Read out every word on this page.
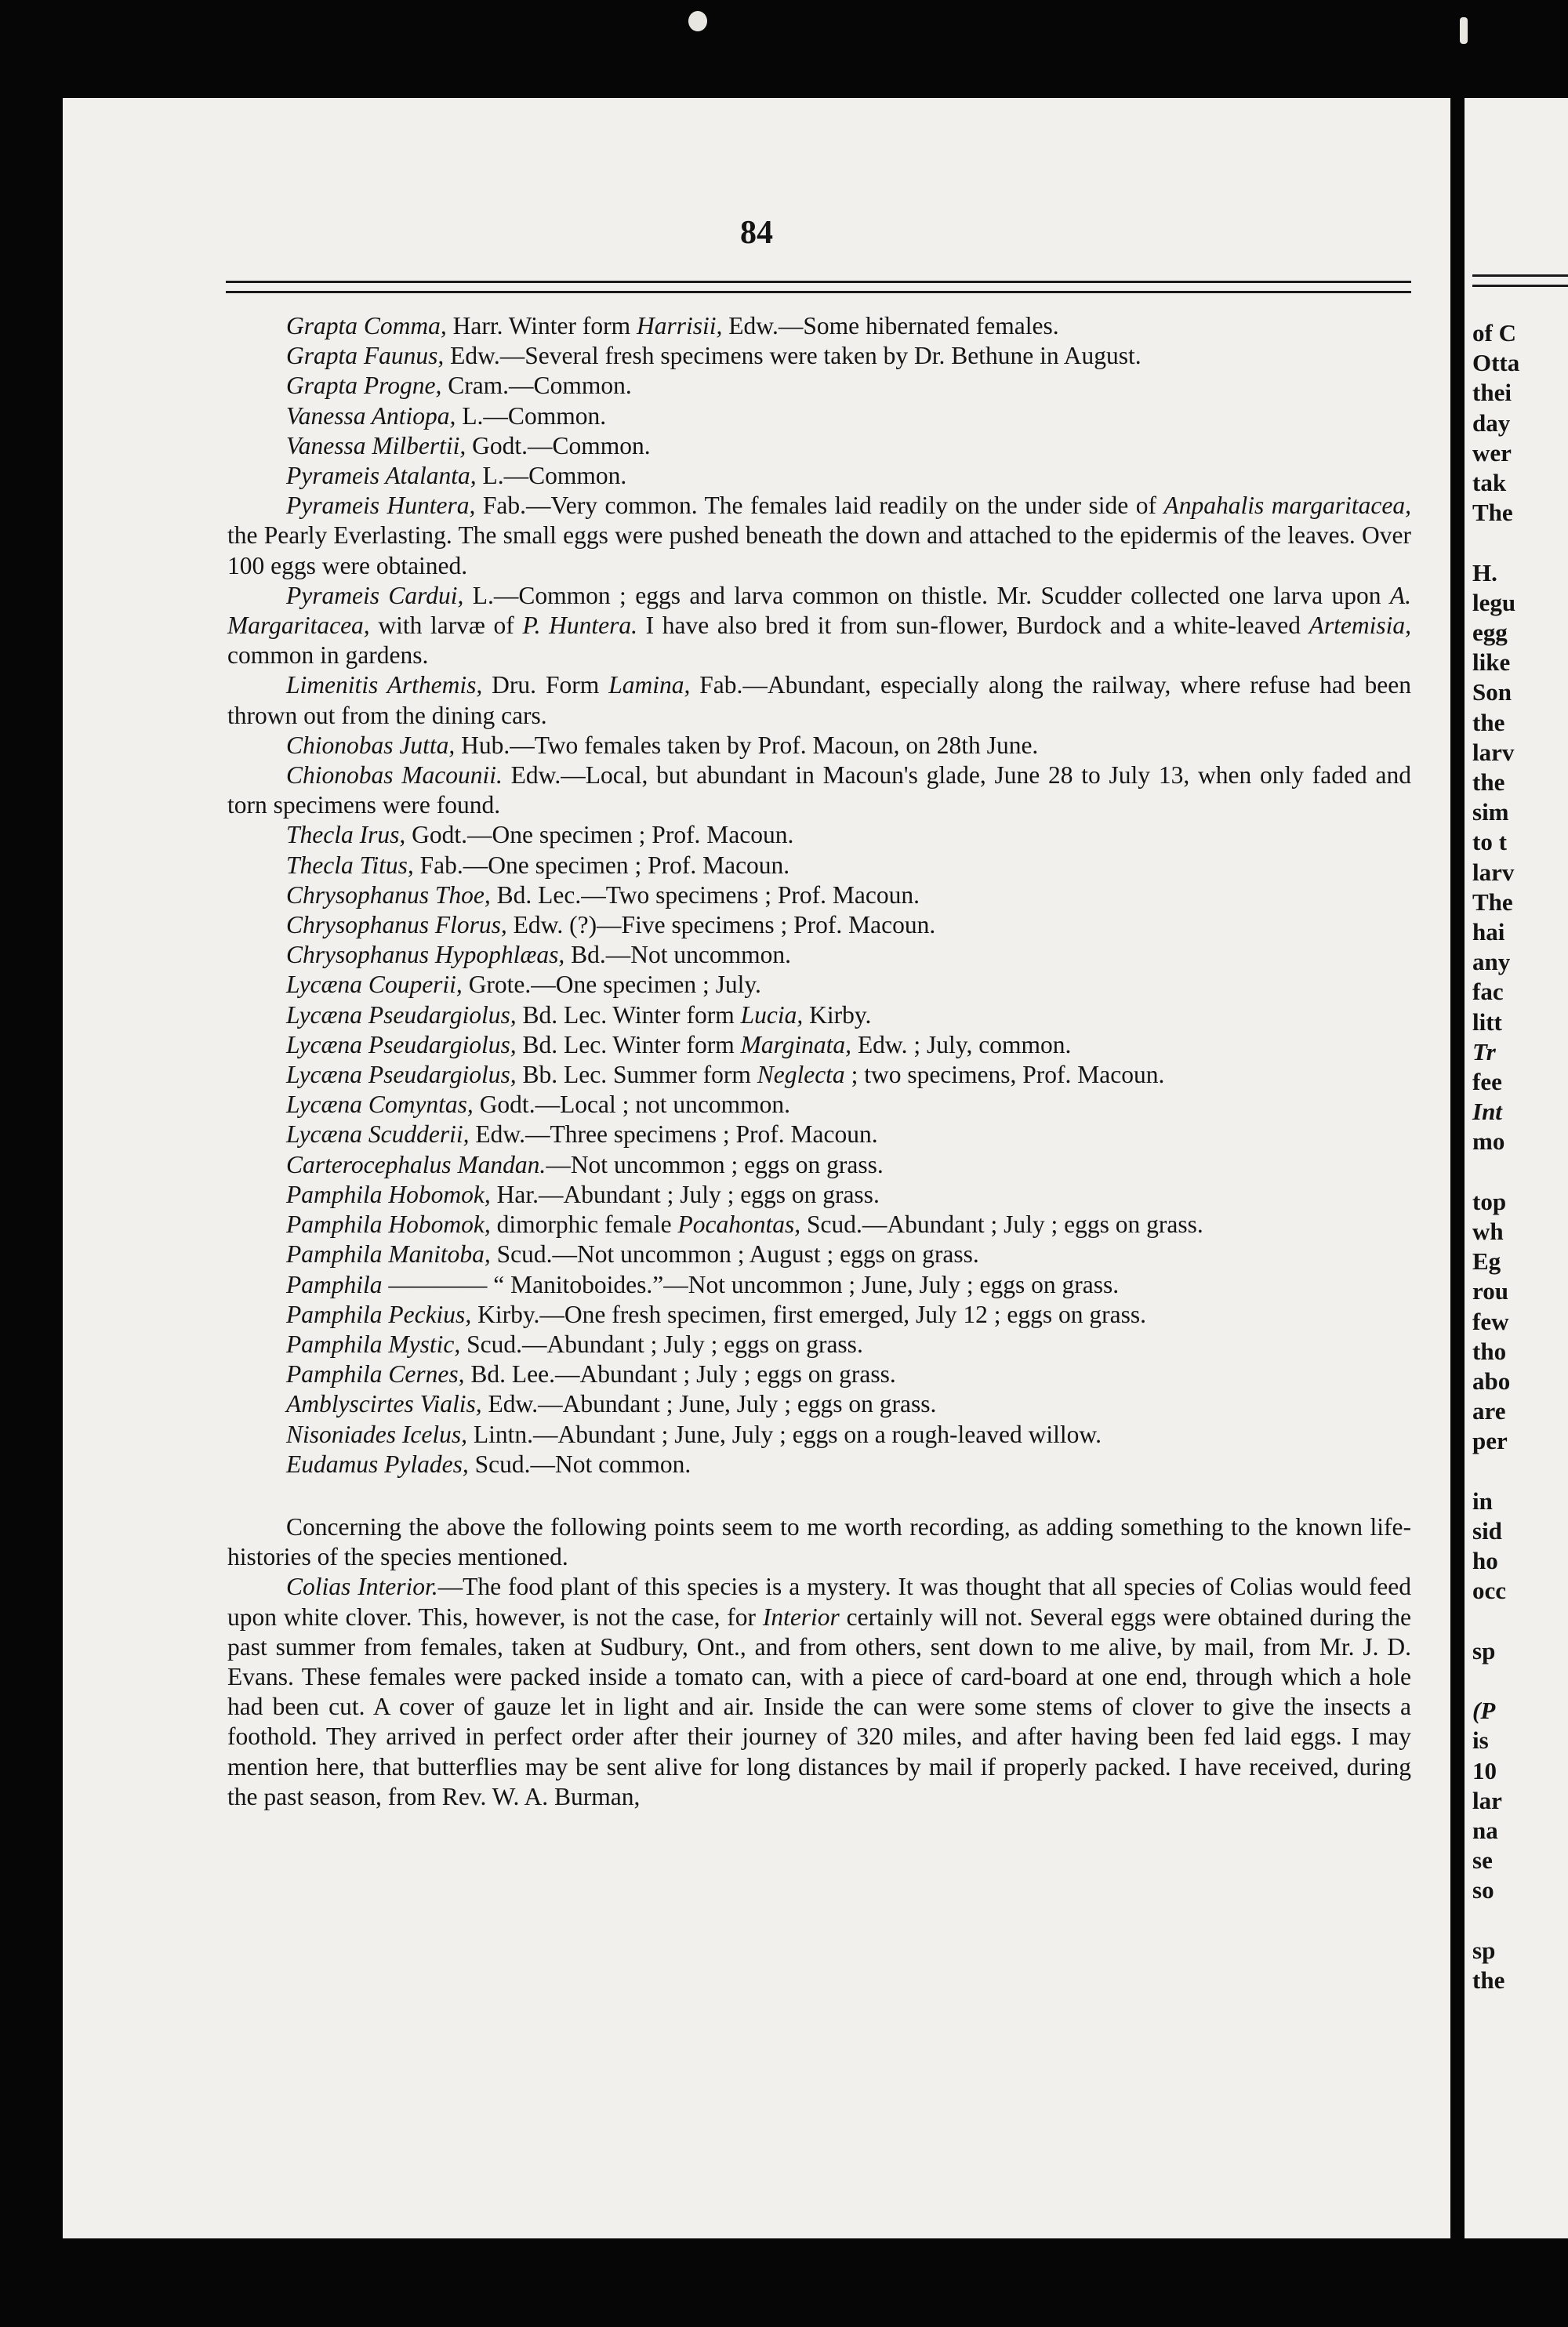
84

Grapta Comma, Harr. Winter form Harrisii, Edw.—Some hibernated females.

Grapta Faunus, Edw.—Several fresh specimens were taken by Dr. Bethune in August.

Grapta Progne, Cram.—Common.

Vanessa Antiopa, L.—Common.

Vanessa Milbertii, Godt.—Common.

Pyrameis Atalanta, L.—Common.

Pyrameis Huntera, Fab.—Very common. The females laid readily on the under side of Anpahalis margaritacea, the Pearly Everlasting. The small eggs were pushed beneath the down and attached to the epidermis of the leaves. Over 100 eggs were obtained.

Pyrameis Cardui, L.—Common ; eggs and larva common on thistle. Mr. Scudder collected one larva upon A. Margaritacea, with larvæ of P. Huntera. I have also bred it from sun-flower, Burdock and a white-leaved Artemisia, common in gardens.

Limenitis Arthemis, Dru. Form Lamina, Fab.—Abundant, especially along the railway, where refuse had been thrown out from the dining cars.

Chionobas Jutta, Hub.—Two females taken by Prof. Macoun, on 28th June.

Chionobas Macounii. Edw.—Local, but abundant in Macoun's glade, June 28 to July 13, when only faded and torn specimens were found.

Thecla Irus, Godt.—One specimen ; Prof. Macoun.

Thecla Titus, Fab.—One specimen ; Prof. Macoun.

Chrysophanus Thoe, Bd. Lec.—Two specimens ; Prof. Macoun.

Chrysophanus Florus, Edw. (?)—Five specimens ; Prof. Macoun.

Chrysophanus Hypophlæas, Bd.—Not uncommon.

Lycæna Couperii, Grote.—One specimen ; July.

Lycæna Pseudargiolus, Bd. Lec. Winter form Lucia, Kirby.

Lycæna Pseudargiolus, Bd. Lec. Winter form Marginata, Edw. ; July, common.

Lycæna Pseudargiolus, Bb. Lec. Summer form Neglecta ; two specimens, Prof. Macoun.

Lycæna Comyntas, Godt.—Local ; not uncommon.

Lycæna Scudderii, Edw.—Three specimens ; Prof. Macoun.

Carterocephalus Mandan.—Not uncommon ; eggs on grass.

Pamphila Hobomok, Har.—Abundant ; July ; eggs on grass.

Pamphila Hobomok, dimorphic female Pocahontas, Scud.—Abundant ; July ; eggs on grass.

Pamphila Manitoba, Scud.—Not uncommon ; August ; eggs on grass.

Pamphila ———— “ Manitoboides.”—Not uncommon ; June, July ; eggs on grass.

Pamphila Peckius, Kirby.—One fresh specimen, first emerged, July 12 ; eggs on grass.

Pamphila Mystic, Scud.—Abundant ; July ; eggs on grass.

Pamphila Cernes, Bd. Lee.—Abundant ; July ; eggs on grass.

Amblyscirtes Vialis, Edw.—Abundant ; June, July ; eggs on grass.

Nisoniades Icelus, Lintn.—Abundant ; June, July ; eggs on a rough-leaved willow.

Eudamus Pylades, Scud.—Not common.

Concerning the above the following points seem to me worth recording, as adding something to the known life-histories of the species mentioned.

Colias Interior.—The food plant of this species is a mystery. It was thought that all species of Colias would feed upon white clover. This, however, is not the case, for Interior certainly will not. Several eggs were obtained during the past summer from females, taken at Sudbury, Ont., and from others, sent down to me alive, by mail, from Mr. J. D. Evans. These females were packed inside a tomato can, with a piece of card-board at one end, through which a hole had been cut. A cover of gauze let in light and air. Inside the can were some stems of clover to give the insects a foothold. They arrived in perfect order after their journey of 320 miles, and after having been fed laid eggs. I may mention here, that butterflies may be sent alive for long distances by mail if properly packed. I have received, during the past season, from Rev. W. A. Burman,

of C
Otta
thei
day
wer
tak
The
H.
legu
egg
like
Son
the
larv
the
sim
to t
larv
The
hai
any
fac
litt
Tr
fee
Int
mo
top
wh
Eg
rou
few
tho
abo
are
per
in
sid
ho
occ
sp
(P
is
10
lar
na
se
so
sp
the
